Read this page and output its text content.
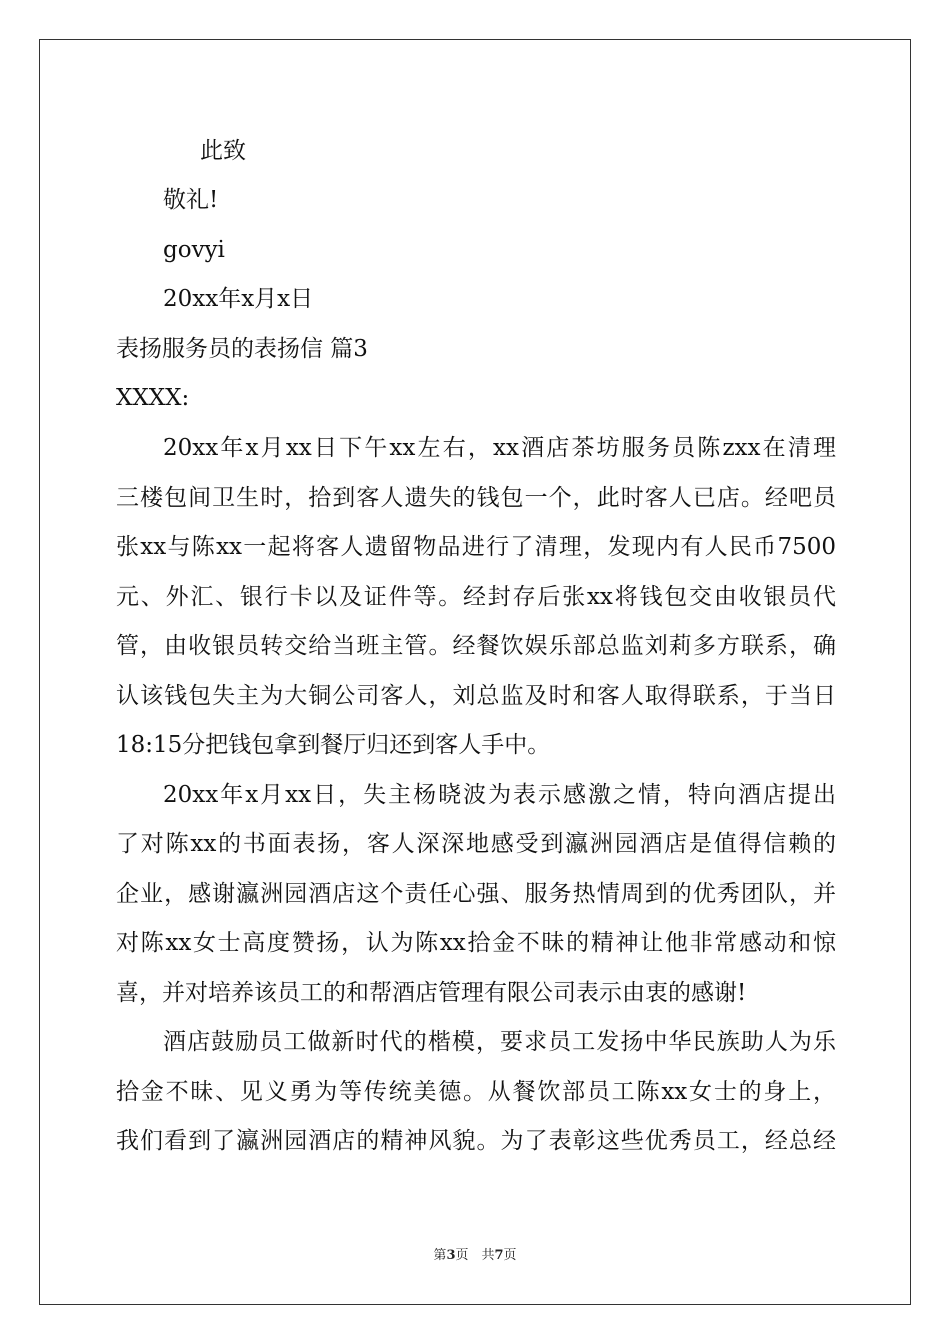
此致
敬礼!
govyi
20xx年x月x日
表扬服务员的表扬信 篇3
XXXX:
20xx年x月xx日下午xx左右，xx酒店茶坊服务员陈zxx在清理
三楼包间卫生时，拾到客人遗失的钱包一个，此时客人已店。经吧员
张xx与陈xx一起将客人遗留物品进行了清理，发现内有人民币7500
元、外汇、银行卡以及证件等。经封存后张xx将钱包交由收银员代
管，由收银员转交给当班主管。经餐饮娱乐部总监刘莉多方联系，确
认该钱包失主为大铜公司客人，刘总监及时和客人取得联系，于当日
18:15分把钱包拿到餐厅归还到客人手中。
20xx年x月xx日，失主杨晓波为表示感激之情，特向酒店提出
了对陈xx的书面表扬，客人深深地感受到瀛洲园酒店是值得信赖的
企业，感谢瀛洲园酒店这个责任心强、服务热情周到的优秀团队，并
对陈xx女士高度赞扬，认为陈xx拾金不昧的精神让他非常感动和惊
喜，并对培养该员工的和帮酒店管理有限公司表示由衷的感谢!
酒店鼓励员工做新时代的楷模，要求员工发扬中华民族助人为乐
拾金不昧、见义勇为等传统美德。从餐饮部员工陈xx女士的身上，
我们看到了瀛洲园酒店的精神风貌。为了表彰这些优秀员工，经总经
第3页　共7页
